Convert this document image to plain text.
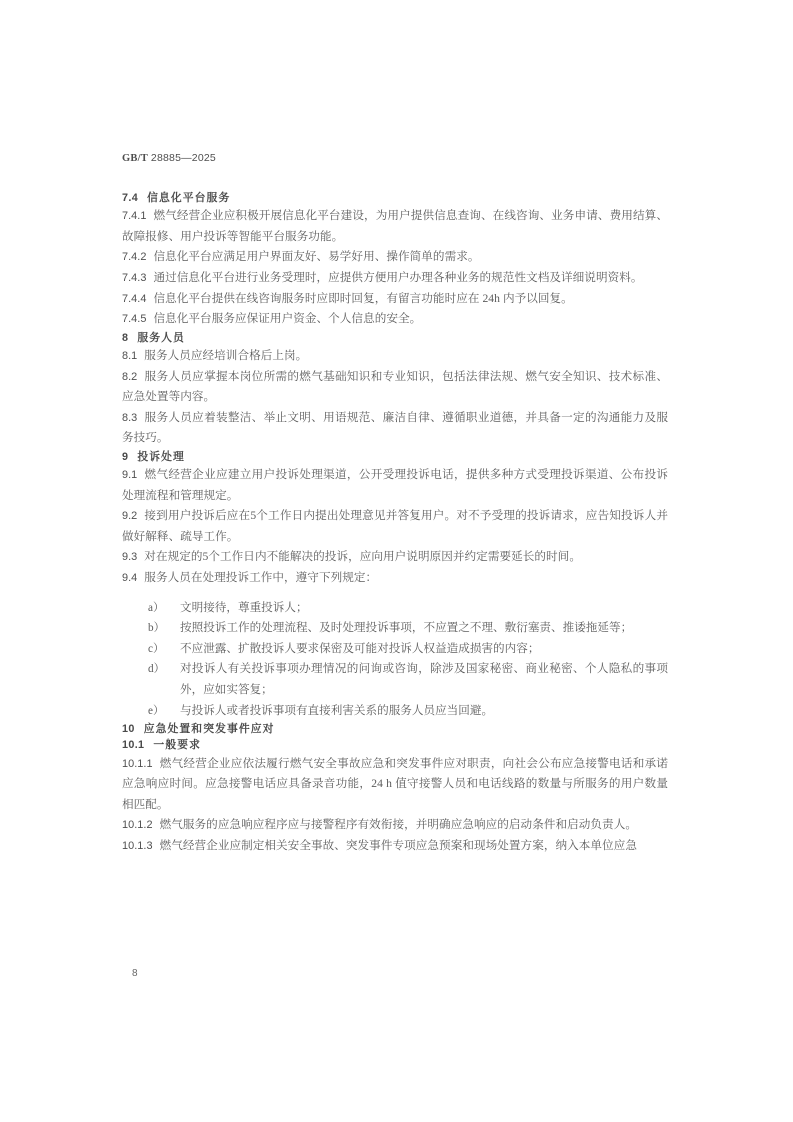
GB/T 28885—2025
7.4 信息化平台服务

7.4.1 燃气经营企业应积极开展信息化平台建设，为用户提供信息查询、在线咨询、业务申请、费用结算、故障报修、用户投诉等智能平台服务功能。

7.4.2 信息化平台应满足用户界面友好、易学好用、操作简单的需求。

7.4.3 通过信息化平台进行业务受理时，应提供方便用户办理各种业务的规范性文档及详细说明资料。

7.4.4 信息化平台提供在线咨询服务时应即时回复，有留言功能时应在 24h 内予以回复。

7.4.5 信息化平台服务应保证用户资金、个人信息的安全。

8 服务人员

8.1 服务人员应经培训合格后上岗。

8.2 服务人员应掌握本岗位所需的燃气基础知识和专业知识，包括法律法规、燃气安全知识、技术标准、应急处置等内容。

8.3 服务人员应着装整洁、举止文明、用语规范、廉洁自律、遵循职业道德，并具备一定的沟通能力及服务技巧。

9 投诉处理

9.1 燃气经营企业应建立用户投诉处理渠道，公开受理投诉电话，提供多种方式受理投诉渠道、公布投诉处理流程和管理规定。

9.2 接到用户投诉后应在5个工作日内提出处理意见并答复用户。对不予受理的投诉请求，应告知投诉人并做好解释、疏导工作。

9.3 对在规定的5个工作日内不能解决的投诉，应向用户说明原因并约定需要延长的时间。

9.4 服务人员在处理投诉工作中，遵守下列规定：

a） 文明接待，尊重投诉人；
b） 按照投诉工作的处理流程、及时处理投诉事项，不应置之不理、敷衍塞责、推诿拖延等；
c） 不应泄露、扩散投诉人要求保密及可能对投诉人权益造成损害的内容；
d） 对投诉人有关投诉事项办理情况的问询或咨询，除涉及国家秘密、商业秘密、个人隐私的事项外，应如实答复；
e） 与投诉人或者投诉事项有直接利害关系的服务人员应当回避。
10 应急处置和突发事件应对
10.1 一般要求

10.1.1 燃气经营企业应依法履行燃气安全事故应急和突发事件应对职责，向社会公布应急接警电话和承诺应急响应时间。应急接警电话应具备录音功能，24 h 值守接警人员和电话线路的数量与所服务的用户数量相匹配。

10.1.2 燃气服务的应急响应程序应与接警程序有效衔接，并明确应急响应的启动条件和启动负责人。

10.1.3 燃气经营企业应制定相关安全事故、突发事件专项应急预案和现场处置方案，纳入本单位应急

8
